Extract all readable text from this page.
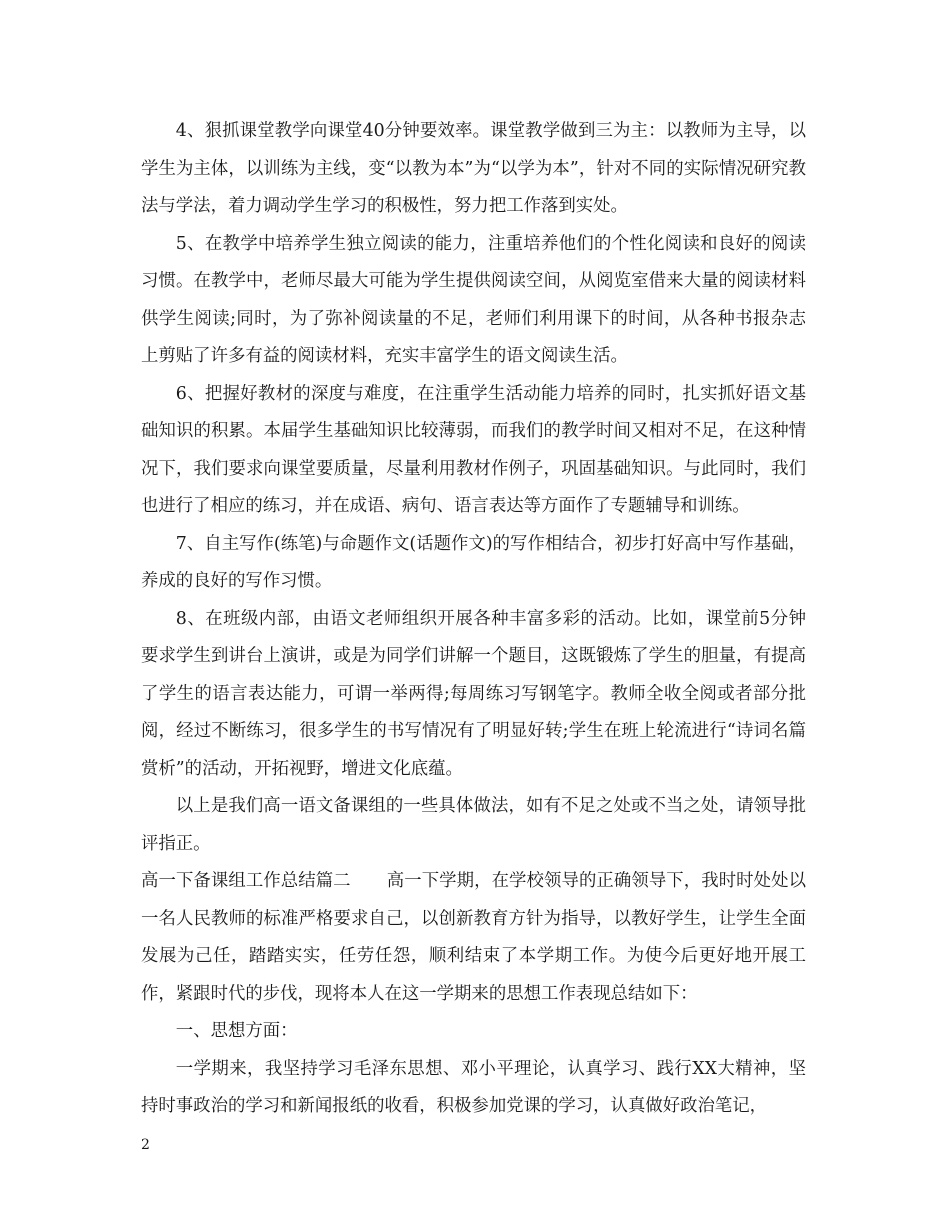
4、狠抓课堂教学向课堂40分钟要效率。课堂教学做到三为主：以教师为主导，以学生为主体，以训练为主线，变“以教为本”为“以学为本”，针对不同的实际情况研究教法与学法，着力调动学生学习的积极性，努力把工作落到实处。

5、在教学中培养学生独立阅读的能力，注重培养他们的个性化阅读和良好的阅读习惯。在教学中，老师尽最大可能为学生提供阅读空间，从阅览室借来大量的阅读材料供学生阅读;同时，为了弥补阅读量的不足，老师们利用课下的时间，从各种书报杂志上剪贴了许多有益的阅读材料，充实丰富学生的语文阅读生活。

6、把握好教材的深度与难度，在注重学生活动能力培养的同时，扎实抓好语文基础知识的积累。本届学生基础知识比较薄弱，而我们的教学时间又相对不足，在这种情况下，我们要求向课堂要质量，尽量利用教材作例子，巩固基础知识。与此同时，我们也进行了相应的练习，并在成语、病句、语言表达等方面作了专题辅导和训练。

7、自主写作(练笔)与命题作文(话题作文)的写作相结合，初步打好高中写作基础，养成的良好的写作习惯。

8、在班级内部，由语文老师组织开展各种丰富多彩的活动。比如，课堂前5分钟要求学生到讲台上演讲，或是为同学们讲解一个题目，这既锻炼了学生的胆量，有提高了学生的语言表达能力，可谓一举两得;每周练习写钢笔字。教师全收全阅或者部分批阅，经过不断练习，很多学生的书写情况有了明显好转;学生在班上轮流进行“诗词名篇赏析”的活动，开拓视野，增进文化底蕴。

以上是我们高一语文备课组的一些具体做法，如有不足之处或不当之处，请领导批评指正。

高一下备课组工作总结篇二 高一下学期，在学校领导的正确领导下，我时时处处以一名人民教师的标准严格要求自己，以创新教育方针为指导，以教好学生，让学生全面发展为己任，踏踏实实，任劳任怨，顺利结束了本学期工作。为使今后更好地开展工作，紧跟时代的步伐，现将本人在这一学期来的思想工作表现总结如下：

一、思想方面：

一学期来，我坚持学习毛泽东思想、邓小平理论，认真学习、践行XX大精神，坚持时事政治的学习和新闻报纸的收看，积极参加党课的学习，认真做好政治笔记，

2
